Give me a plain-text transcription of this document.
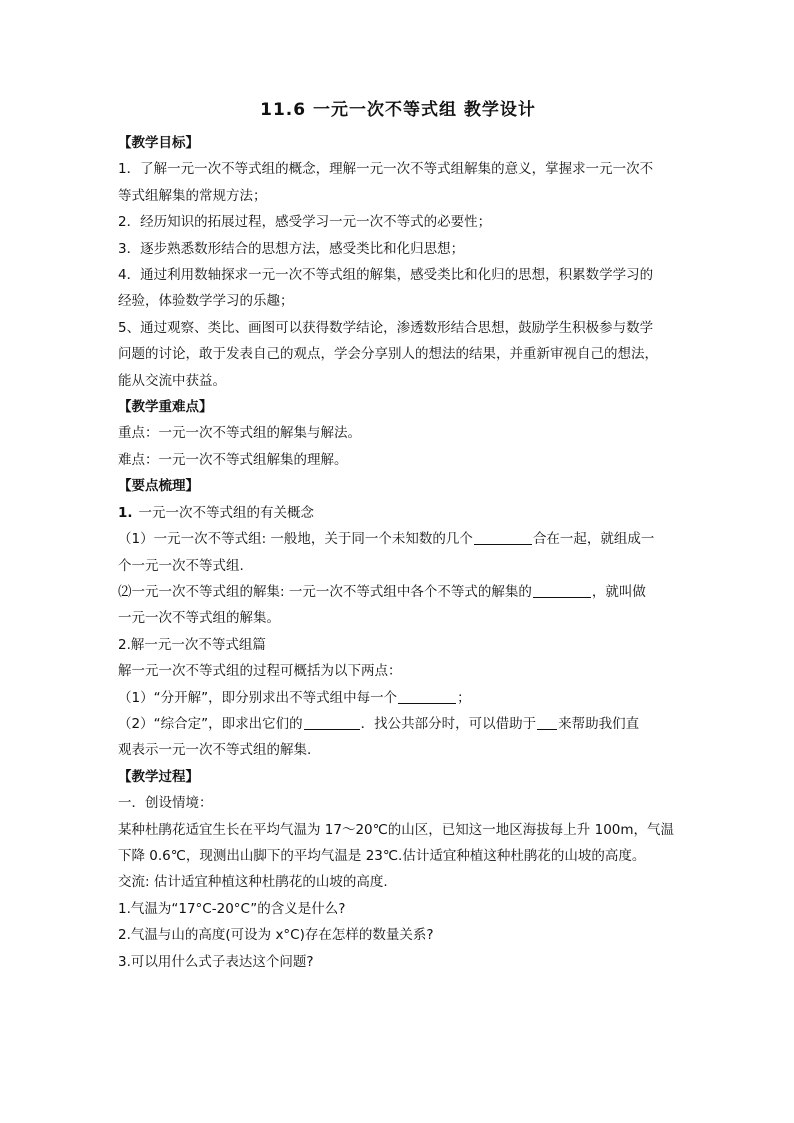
11.6 一元一次不等式组 教学设计
【教学目标】
1．了解一元一次不等式组的概念，理解一元一次不等式组解集的意义，掌握求一元一次不
等式组解集的常规方法；
2．经历知识的拓展过程，感受学习一元一次不等式的必要性；
3．逐步熟悉数形结合的思想方法，感受类比和化归思想；
4．通过利用数轴探求一元一次不等式组的解集，感受类比和化归的思想，积累数学学习的
经验，体验数学学习的乐趣；
5、通过观察、类比、画图可以获得数学结论，渗透数形结合思想，鼓励学生积极参与数学
问题的讨论，敢于发表自己的观点，学会分享别人的想法的结果，并重新审视自己的想法，
能从交流中获益。
【教学重难点】
重点：一元一次不等式组的解集与解法。
难点：一元一次不等式组解集的理解。
【要点梳理】
1. 一元一次不等式组的有关概念
（1）一元一次不等式组: 一般地，关于同一个未知数的几个	合在一起，就组成一
个一元一次不等式组.
⑵一元一次不等式组的解集: 一元一次不等式组中各个不等式的解集的	，就叫做
一元一次不等式组的解集。
2.解一元一次不等式组篇
解一元一次不等式组的过程可概括为以下两点：
（1）“分开解”，即分别求出不等式组中每一个	；
（2）“综合定”，即求出它们的	．找公共部分时，可以借助于 来帮助我们直
观表示一元一次不等式组的解集.
【教学过程】
一．创设情境：
某种杜鹃花适宜生长在平均气温为 17～20℃的山区，已知这一地区海拔每上升 100m，气温
下降 0.6℃，现测出山脚下的平均气温是 23℃.估计适宜种植这种杜鹃花的山坡的高度。
交流: 估计适宜种植这种杜鹃花的山坡的高度.
1.气温为“17°C-20°C”的含义是什么?
2.气温与山的高度(可设为 x°C)存在怎样的数量关系?
3.可以用什么式子表达这个问题?
